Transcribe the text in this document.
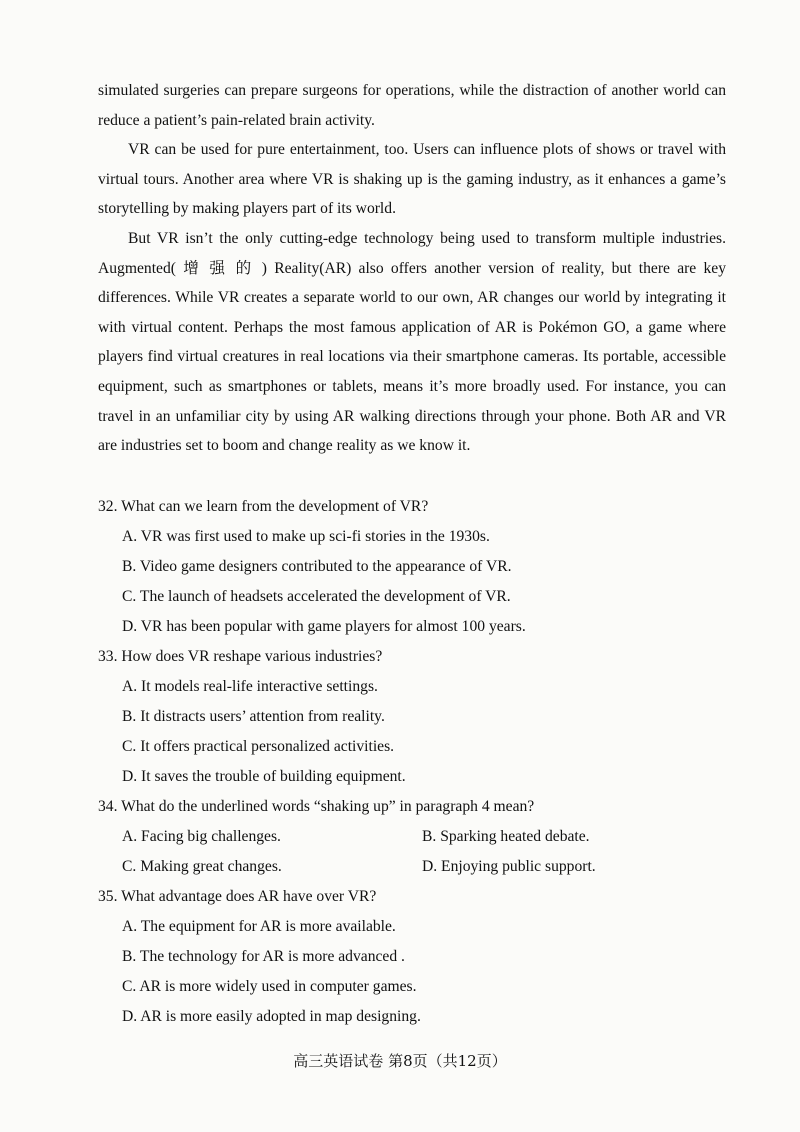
simulated surgeries can prepare surgeons for operations, while the distraction of another world can reduce a patient’s pain-related brain activity.

VR can be used for pure entertainment, too. Users can influence plots of shows or travel with virtual tours. Another area where VR is shaking up is the gaming industry, as it enhances a game’s storytelling by making players part of its world.

But VR isn’t the only cutting-edge technology being used to transform multiple industries. Augmented( 增 强 的 ) Reality(AR) also offers another version of reality, but there are key differences. While VR creates a separate world to our own, AR changes our world by integrating it with virtual content. Perhaps the most famous application of AR is Pokémon GO, a game where players find virtual creatures in real locations via their smartphone cameras. Its portable, accessible equipment, such as smartphones or tablets, means it’s more broadly used. For instance, you can travel in an unfamiliar city by using AR walking directions through your phone. Both AR and VR are industries set to boom and change reality as we know it.

32. What can we learn from the development of VR?

A. VR was first used to make up sci-fi stories in the 1930s.

B. Video game designers contributed to the appearance of VR.

C. The launch of headsets accelerated the development of VR.

D. VR has been popular with game players for almost 100 years.

33. How does VR reshape various industries?

A. It models real-life interactive settings.

B. It distracts users’ attention from reality.

C. It offers practical personalized activities.

D. It saves the trouble of building equipment.

34. What do the underlined words “shaking up” in paragraph 4 mean?

A. Facing big challenges.	B. Sparking heated debate.
C. Making great changes.	D. Enjoying public support.

35. What advantage does AR have over VR?

A. The equipment for AR is more available.

B. The technology for AR is more advanced .

C. AR is more widely used in computer games.

D. AR is more easily adopted in map designing.

高三英语试卷 第8页（共12页）
